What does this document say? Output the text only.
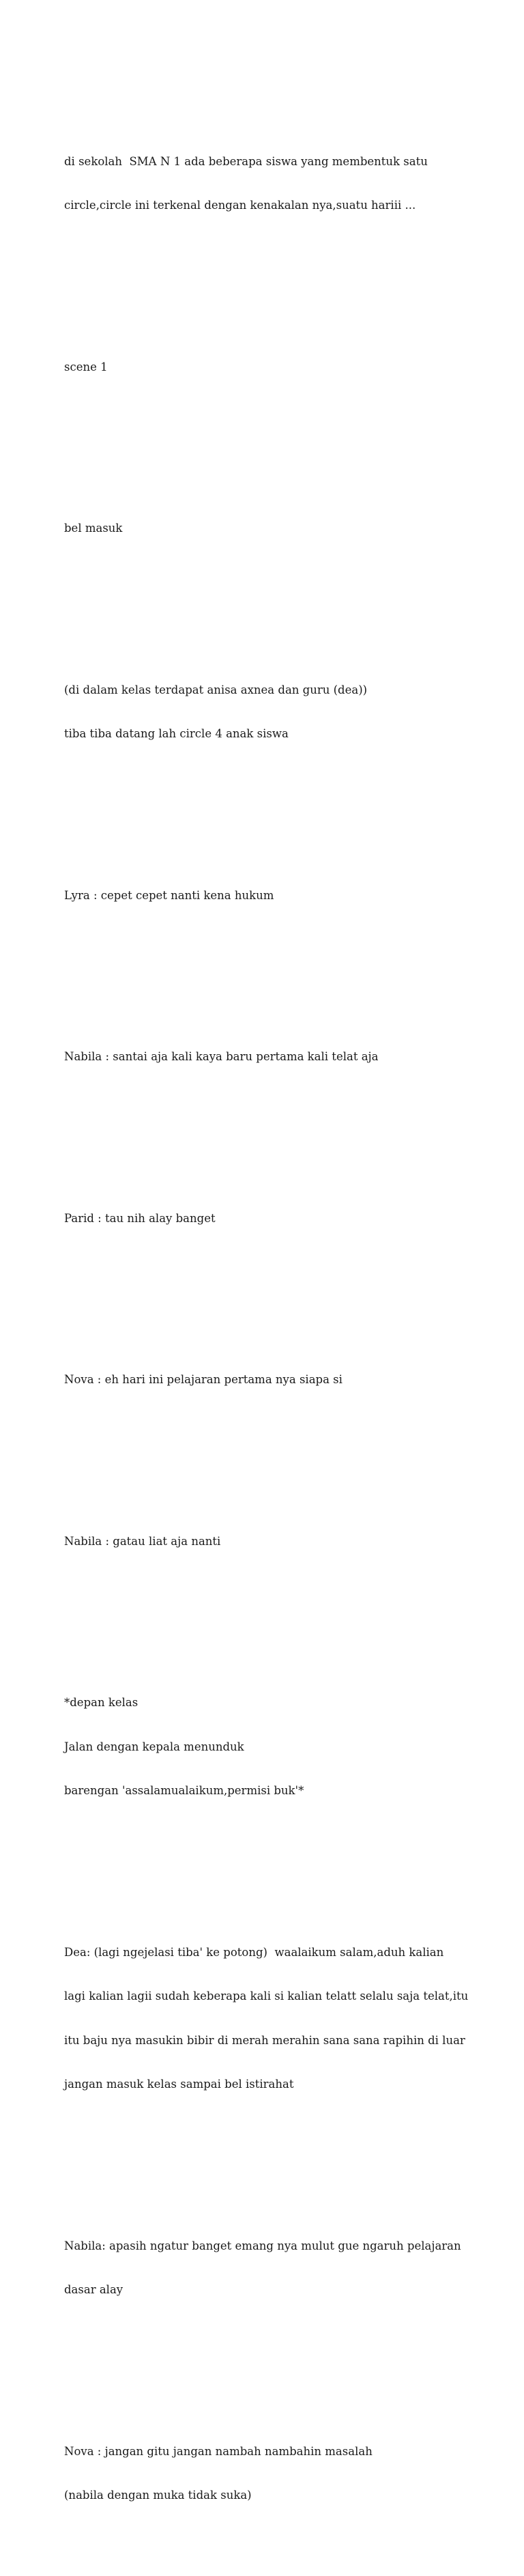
di sekolah  SMA N 1 ada beberapa siswa yang membentuk satu

circle,circle ini terkenal dengan kenakalan nya,suatu hariii ...

scene 1

bel masuk

(di dalam kelas terdapat anisa axnea dan guru (dea))

tiba tiba datang lah circle 4 anak siswa

Lyra : cepet cepet nanti kena hukum

Nabila : santai aja kali kaya baru pertama kali telat aja

Parid : tau nih alay banget

Nova : eh hari ini pelajaran pertama nya siapa si

Nabila : gatau liat aja nanti

*depan kelas

Jalan dengan kepala menunduk

barengan 'assalamualaikum,permisi buk'*

Dea: (lagi ngejelasi tiba' ke potong)  waalaikum salam,aduh kalian

lagi kalian lagii sudah keberapa kali si kalian telatt selalu saja telat,itu

itu baju nya masukin bibir di merah merahin sana sana rapihin di luar

jangan masuk kelas sampai bel istirahat

Nabila: apasih ngatur banget emang nya mulut gue ngaruh pelajaran

dasar alay

Nova : jangan gitu jangan nambah nambahin masalah

(nabila dengan muka tidak suka)
